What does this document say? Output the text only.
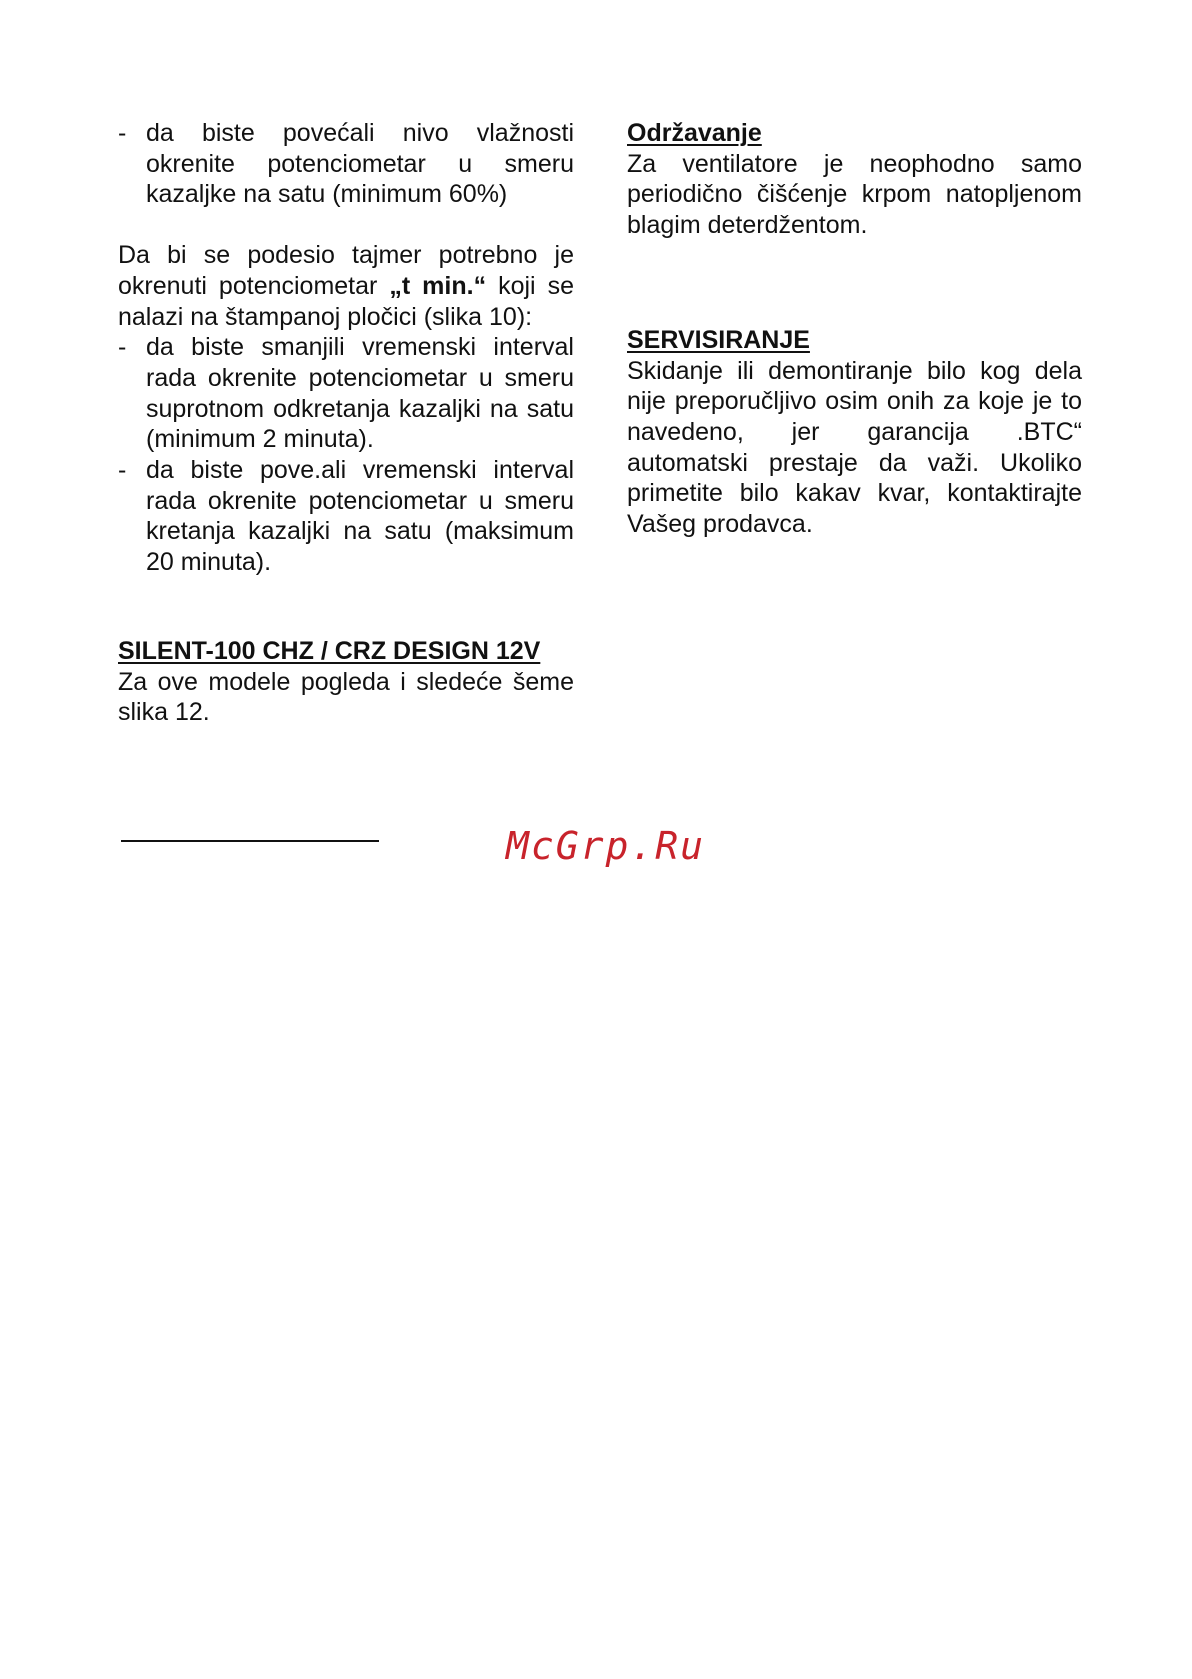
- da biste povećali nivo vlažnosti okrenite potenciometar u smeru kazaljke na satu (minimum 60%)
Da bi se podesio tajmer potrebno je okrenuti potenciometar „t min.“ koji se nalazi na štampanoj pločici (slika 10):
- da biste smanjili vremenski interval rada okrenite potenciometar u smeru suprotnom odkretanja kazaljki na satu (minimum 2 minuta).
- da biste pove.ali vremenski interval rada okrenite potenciometar u smeru kretanja kazaljki na satu (maksimum 20 minuta).
SILENT-100 CHZ / CRZ DESIGN 12V
Za ove modele pogleda i sledeće šeme slika 12.
Održavanje
Za ventilatore je neophodno samo periodično čišćenje krpom natopljenom blagim deterdžentom.
SERVISIRANJE
Skidanje ili demontiranje bilo kog dela nije preporučljivo osim onih za koje je to navedeno, jer garancija .BTC“ automatski prestaje da važi. Ukoliko primetite bilo kakav kvar, kontaktirajte Vašeg prodavca.
McGrp.Ru
